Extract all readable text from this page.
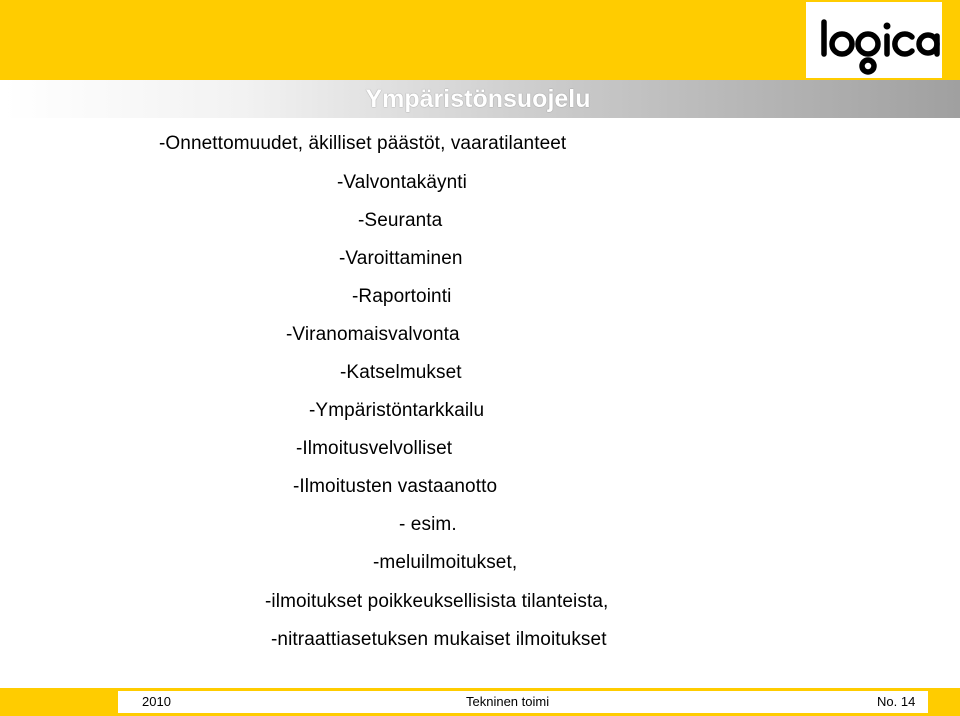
Ympäristönsuojelu
-Onnettomuudet, äkilliset päästöt, vaaratilanteet
-Valvontakäynti
-Seuranta
-Varoittaminen
-Raportointi
-Viranomaisvalvonta
-Katselmukset
-Ympäristöntarkkailu
-Ilmoitusvelvolliset
-Ilmoitusten vastaanotto
- esim.
-meluilmoitukset,
-ilmoitukset poikkeuksellisista tilanteista,
-nitraattiasetuksen mukaiset ilmoitukset
2010	Tekninen toimi	No. 14
